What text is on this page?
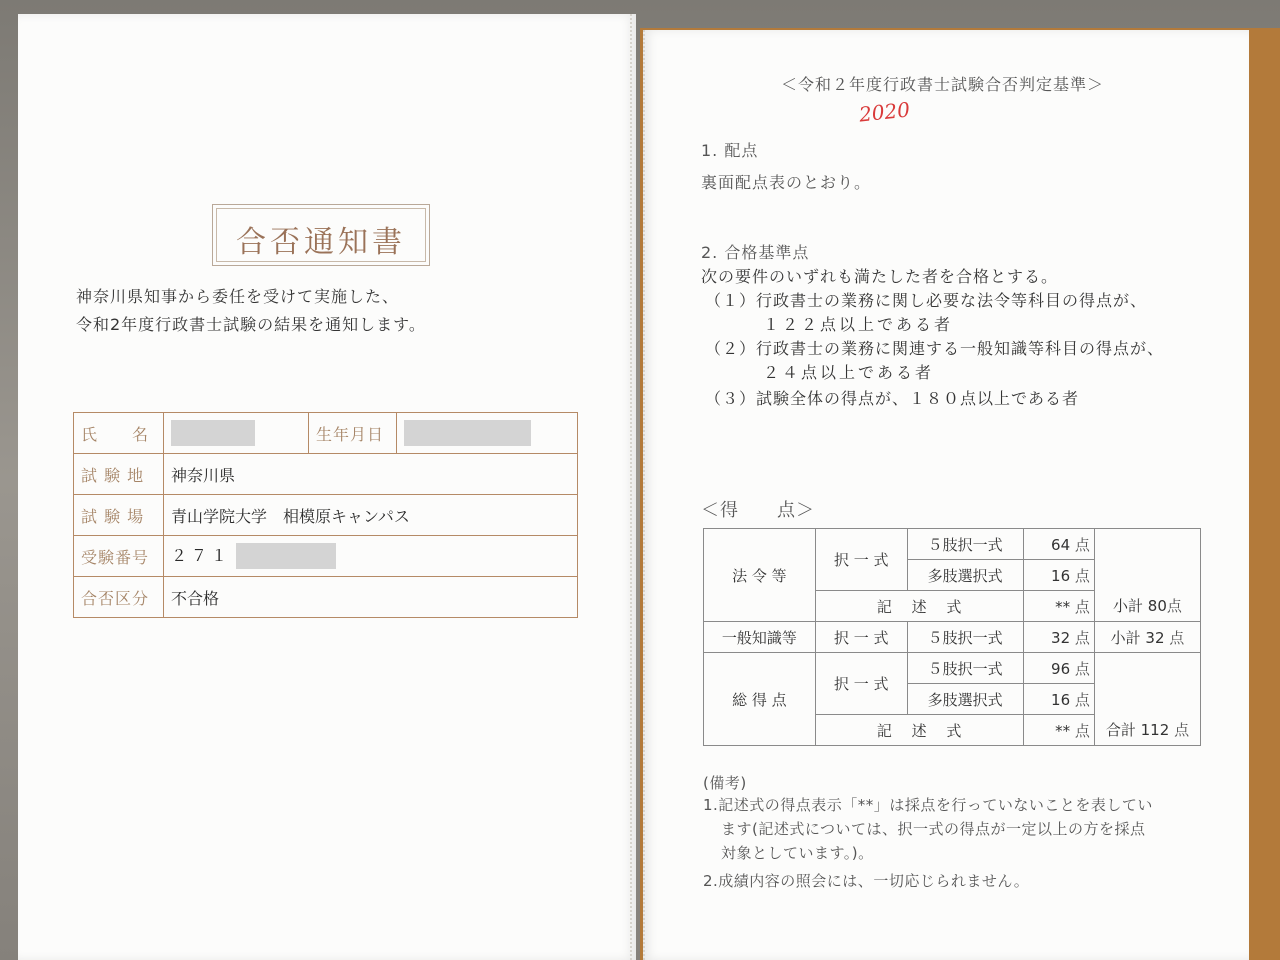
合否通知書
神奈川県知事から委任を受けて実施した、
令和2年度行政書士試験の結果を通知します。
氏　　名		生年月日	
試 験 地	神奈川県		
試 験 場	青山学院大学　相模原キャンパス		
受験番号	２７１		
合否区分	不合格		
＜令和２年度行政書士試験合否判定基準＞
2020
1. 配点
裏面配点表のとおり。
2. 合格基準点
次の要件のいずれも満たした者を合格とする。
（１）行政書士の業務に関し必要な法令等科目の得点が、
１２２点以上である者
（２）行政書士の業務に関連する一般知識等科目の得点が、
２４点以上である者
（３）試験全体の得点が、１８０点以上である者
＜得　　点＞
法 令 等	択 一 式	５肢択一式	64 点	
		多肢選択式	16 点	
	記　 述　 式		** 点	小計 80点
一般知識等	択 一 式	５肢択一式	32 点	小計 32 点
総 得 点	択 一 式	５肢択一式	96 点	
		多肢選択式	16 点	
	記　 述　 式		** 点	合計 112 点
(備考)
1.記述式の得点表示「**」は採点を行っていないことを表してい
ます(記述式については、択一式の得点が一定以上の方を採点
対象としています。)。
2.成績内容の照会には、一切応じられません。
